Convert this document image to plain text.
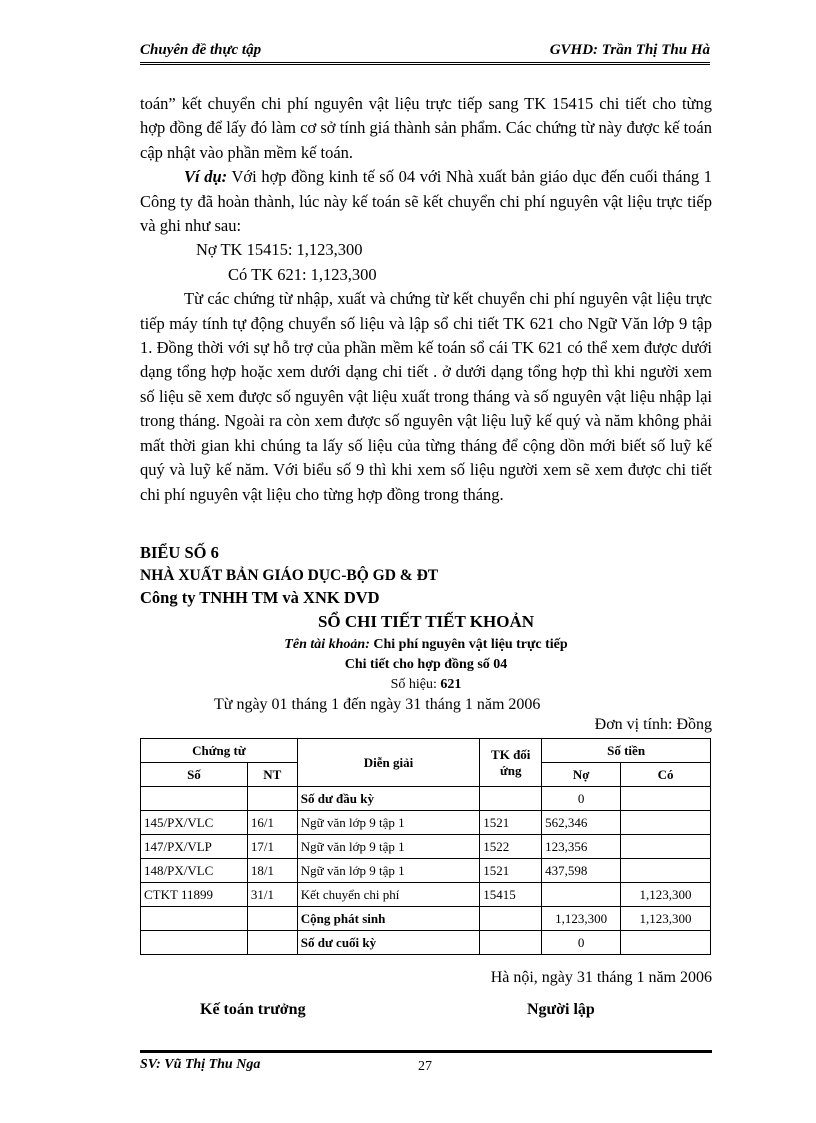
Chuyên đề thực tập	GVHD: Trần Thị Thu Hà

toán” kết chuyển chi phí nguyên vật liệu trực tiếp sang TK 15415 chi tiết cho từng hợp đồng để lấy đó làm cơ sở tính giá thành sản phẩm. Các chứng từ này được kế toán cập nhật vào phần mềm kế toán.

Ví dụ: Với hợp đồng kinh tế số 04 với Nhà xuất bản giáo dục đến cuối tháng 1 Công ty đã hoàn thành, lúc này kế toán sẽ kết chuyển chi phí nguyên vật liệu trực tiếp và ghi như sau:

Nợ TK 15415: 1,123,300

Có TK 621: 1,123,300

Từ các chứng từ nhập, xuất và chứng từ kết chuyển chi phí nguyên vật liệu trực tiếp máy tính tự động chuyển số liệu và lập sổ chi tiết TK 621 cho Ngữ Văn lớp 9 tập 1. Đồng thời với sự hỗ trợ của phần mềm kế toán sổ cái TK 621 có thể xem được dưới dạng tổng hợp hoặc xem dưới dạng chi tiết . ở dưới dạng tổng hợp thì khi người xem số liệu sẽ xem được số nguyên vật liệu xuất trong tháng và số nguyên vật liệu nhập lại trong tháng. Ngoài ra còn xem được số nguyên vật liệu luỹ kế quý và năm không phải mất thời gian khi chúng ta lấy số liệu của từng tháng để cộng dồn mới biết số luỹ kế quý và luỹ kế năm. Với biểu số 9 thì khi xem số liệu người xem sẽ xem được chi tiết chi phí nguyên vật liệu cho từng hợp đồng trong tháng.

BIỂU SỐ 6
NHÀ XUẤT BẢN GIÁO DỤC-BỘ GD & ĐT
Công ty TNHH TM và XNK DVD
SỔ CHI TIẾT TIẾT KHOẢN
Tên tài khoản: Chi phí nguyên vật liệu trực tiếp
Chi tiết cho hợp đồng số 04
Số hiệu: 621
Từ ngày 01 tháng 1 đến ngày 31 tháng 1 năm 2006
Đơn vị tính: Đồng
Chứng từ		Diễn giải	TK đối ứng	Số tiền	
Số	NT			Nợ	Có
		Số dư đầu kỳ		0	
145/PX/VLC	16/1	Ngữ văn lớp 9 tập 1	1521	562,346	
147/PX/VLP	17/1	Ngữ văn lớp 9 tập 1	1522	123,356	
148/PX/VLC	18/1	Ngữ văn lớp 9 tập 1	1521	437,598	
CTKT 11899	31/1	Kết chuyển chi phí	15415		1,123,300
		Cộng phát sinh		1,123,300	1,123,300
		Số dư cuối kỳ		0	
Hà nội, ngày 31 tháng 1 năm 2006
Kế toán trưởng	Người lập
SV: Vũ Thị Thu Nga	27
